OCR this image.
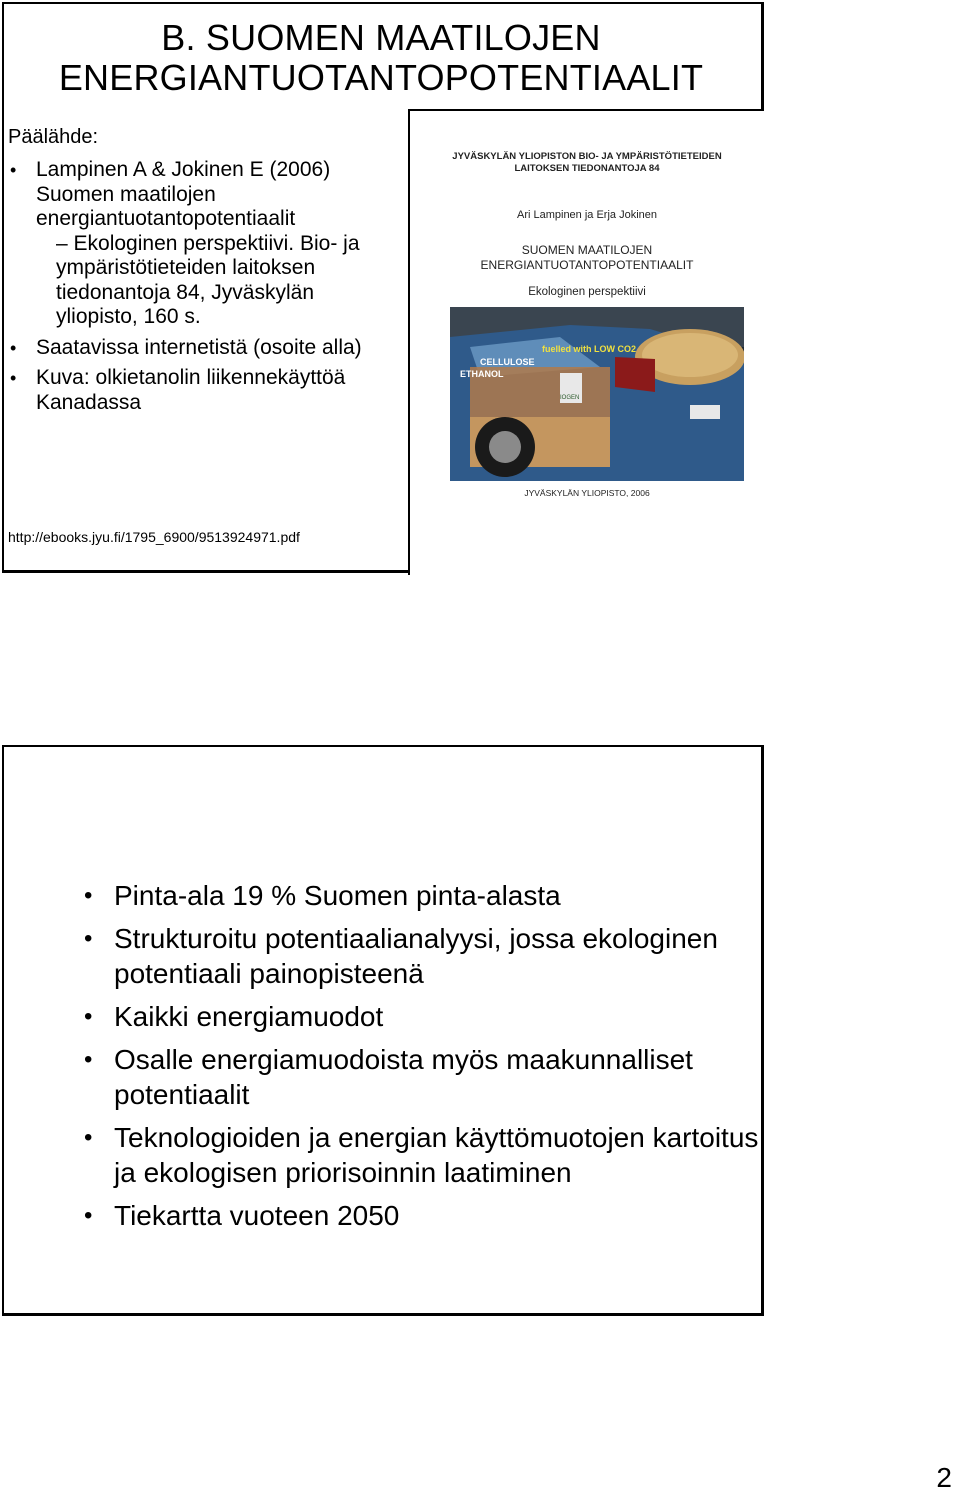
B. SUOMEN MAATILOJEN
ENERGIANTUOTANTOPOTENTIAALIT
Päälähde:
• Lampinen A & Jokinen E (2006) Suomen maatilojen energiantuotantopotentiaalit
– Ekologinen perspektiivi. Bio- ja ympäristötieteiden laitoksen tiedonantoja 84, Jyväskylän yliopisto, 160 s.
• Saatavissa internetistä (osoite alla)
• Kuva: olkietanolin liikennekäyttöä Kanadassa
http://ebooks.jyu.fi/1795_6900/9513924971.pdf
JYVÄSKYLÄN YLIOPISTON BIO- JA YMPÄRISTÖTIETEIDEN
LAITOKSEN TIEDONANTOJA 84
Ari Lampinen ja Erja Jokinen
SUOMEN MAATILOJEN
ENERGIANTUOTANTOPOTENTIAALIT
Ekologinen perspektiivi
CELLULOSE
ETHANOL
fuelled with LOW CO2
IOGEN
JYVÄSKYLÄN YLIOPISTO, 2006
• Pinta-ala 19 % Suomen pinta-alasta
• Strukturoitu potentiaalianalyysi, jossa ekologinen potentiaali painopisteenä
• Kaikki energiamuodot
• Osalle energiamuodoista myös maakunnalliset potentiaalit
• Teknologioiden ja energian käyttömuotojen kartoitus ja ekologisen priorisoinnin laatiminen
• Tiekartta vuoteen 2050
2
